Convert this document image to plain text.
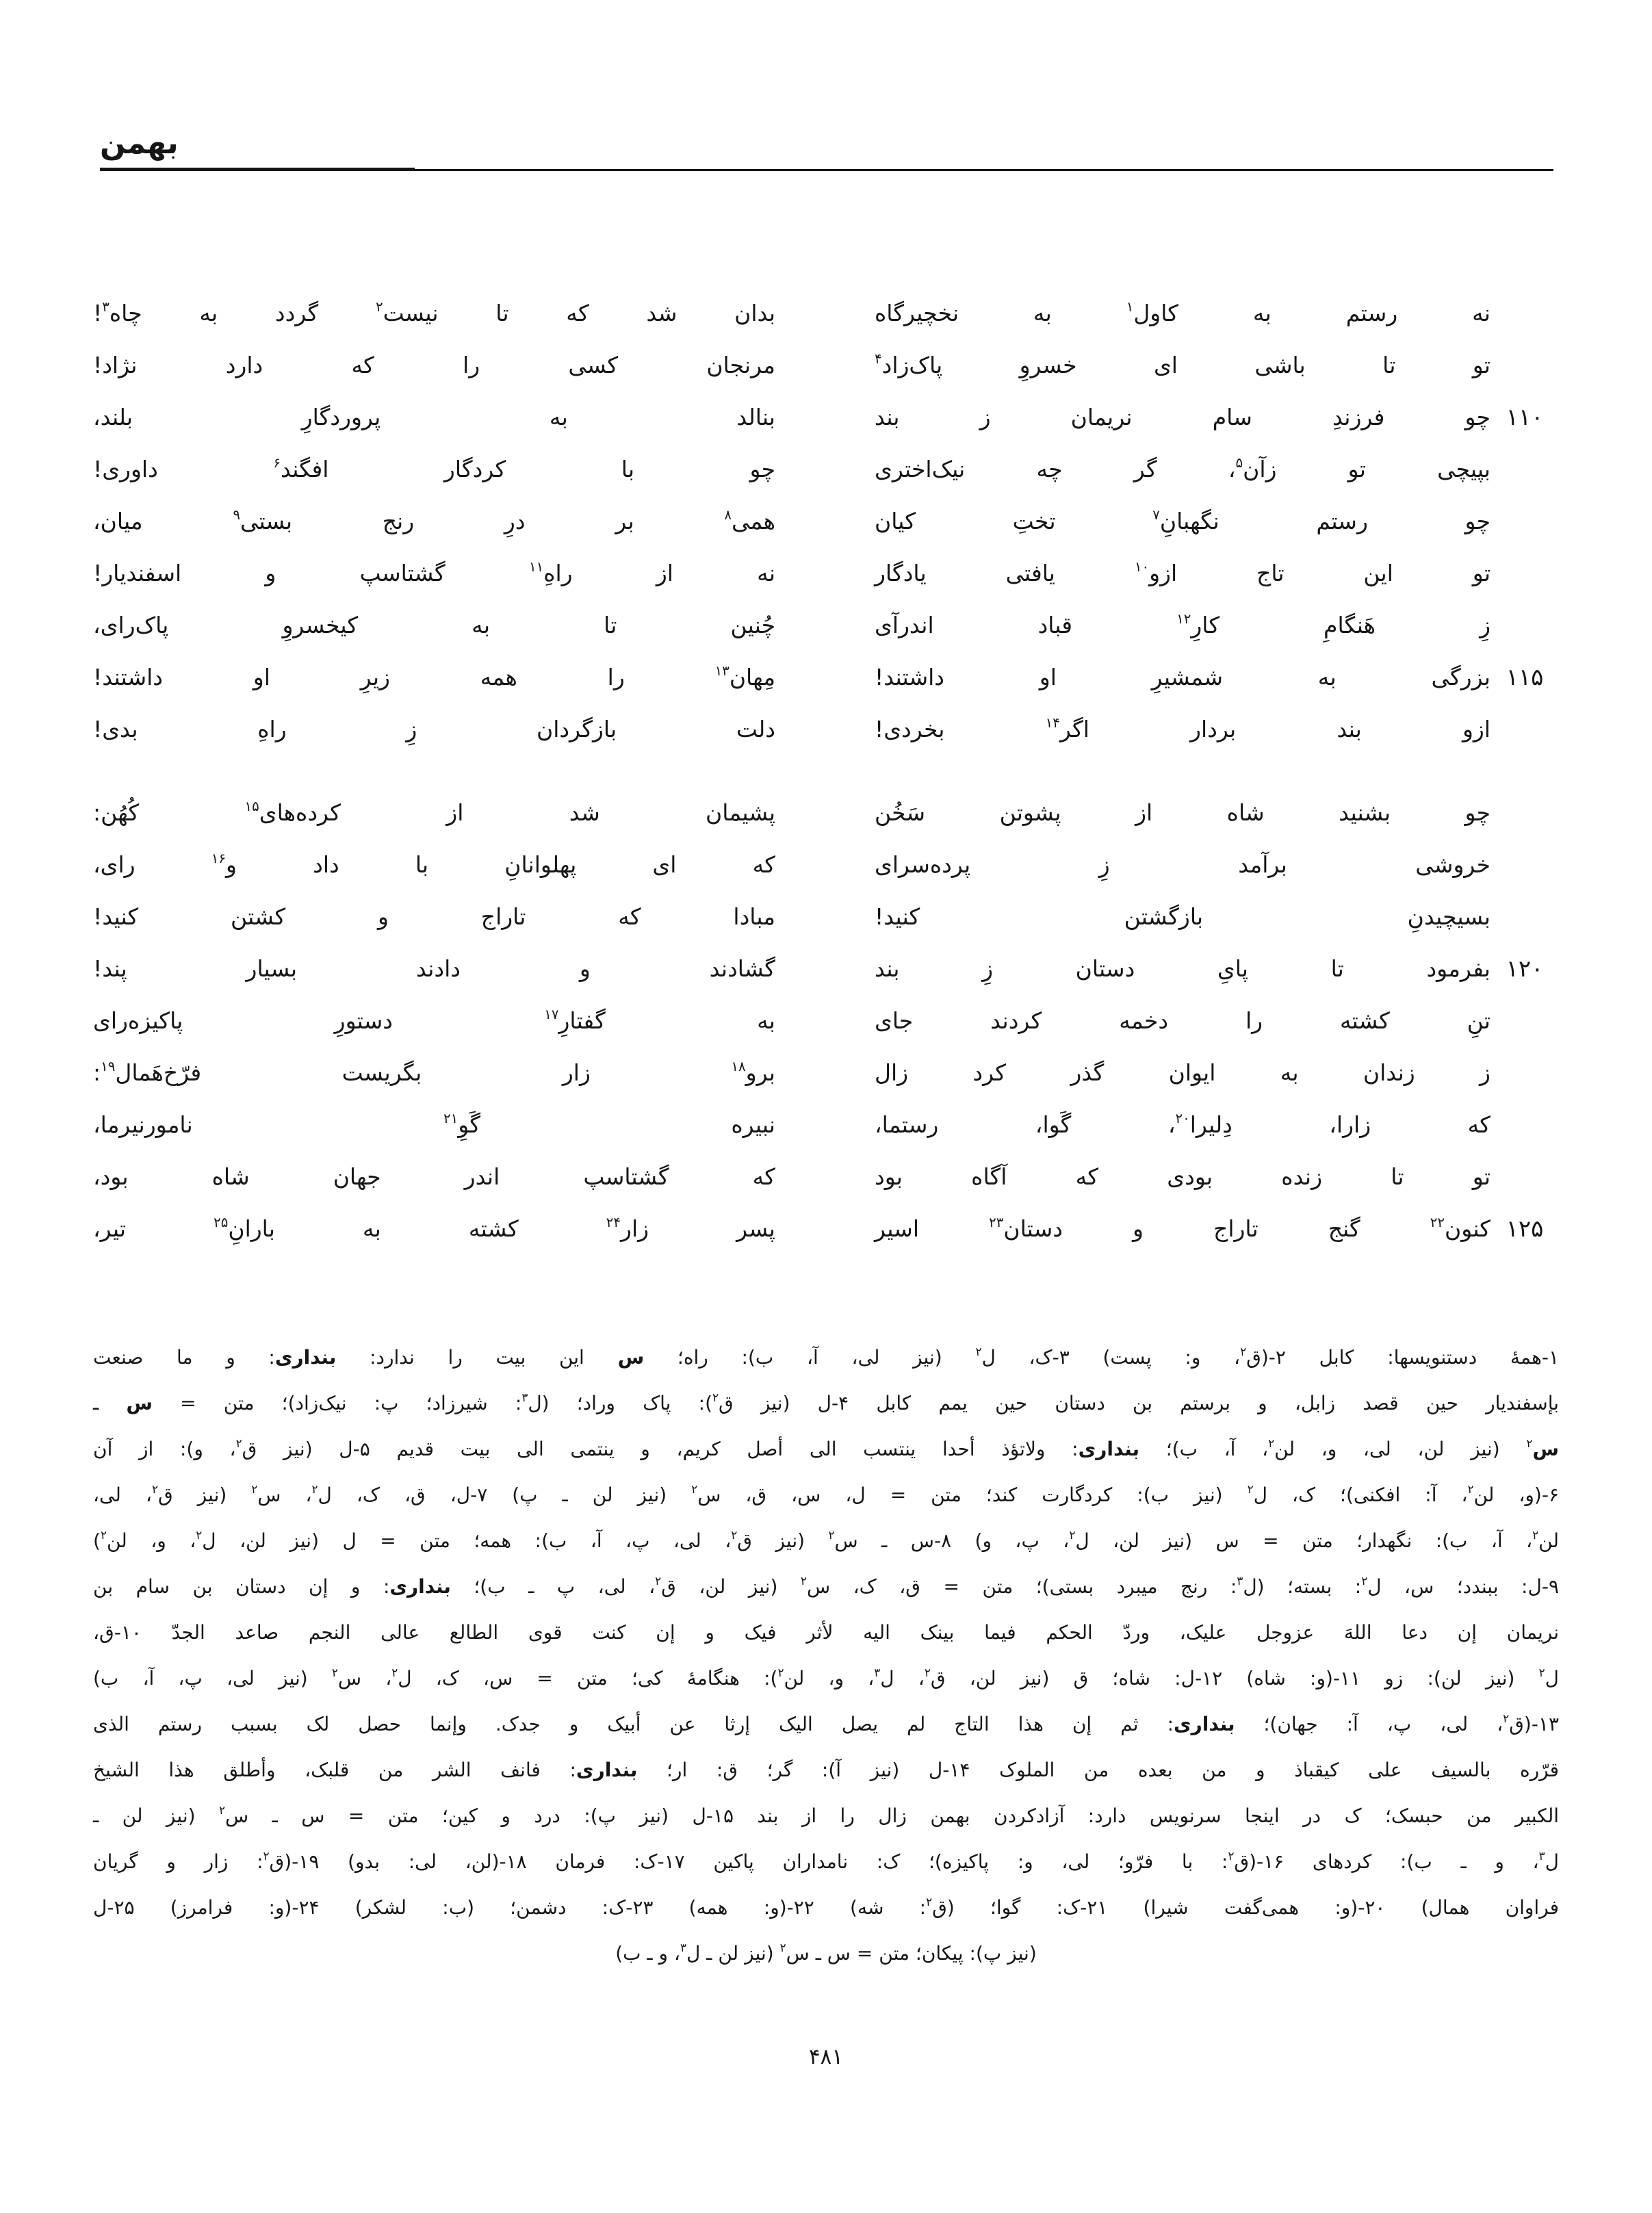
بهمن
نه رستم به کاول$^۱$ به نخچیرگاه
بدان شد که تا نیست$^۲$ گردد به چاه$^۳$!
تو تا باشی ای خسروِ پاک‌زاد$^۴$
مرنجان کسی را که دارد نژاد!
۱۱۰
چو فرزندِ سام نریمان ز بند
بنالد به پروردگارِ بلند،
بپیچی تو زآن$^۵$، گر چه نیک‌اختری
چو با کردگار افگند$^۶$ داوری!
چو رستم نگهبانِ$^۷$ تختِ کیان
همی$^۸$ بر درِ رنج بستی$^۹$ میان،
تو این تاج ازو$^{۱۰}$ یافتی یادگار
نه از راهِ$^{۱۱}$ گشتاسپ و اسفندیار!
زِ هَنگامِ کارِ$^{۱۲}$ قباد اندرآی
چُنین تا به کیخسروِ پاک‌رای،
۱۱۵
بزرگی به شمشیرِ او داشتند!
مِهان$^{۱۳}$ را همه زیرِ او داشتند!
ازو بند بردار اگر$^{۱۴}$ بخردی!
دلت بازگردان زِ راهِ بدی!
چو بشنید شاه از پشوتن سَخُن
پشیمان شد از کرده‌های$^{۱۵}$ کُهُن:
خروشی برآمد زِ پرده‌سرای
که ای پهلوانانِ با داد و$^{۱۶}$ رای،
بسیچیدنِ بازگشتن کنید!
مبادا که تاراج و کشتن کنید!
۱۲۰
بفرمود تا پایِ دستان زِ بند
گشادند و دادند بسیار پند!
تنِ کشته را دخمه کردند جای
به گفتارِ$^{۱۷}$ دستورِ پاکیزه‌رای
ز زندان به ایوان گذر کرد زال
برو$^{۱۸}$ زار بگریست فرّخ‌هَمال$^{۱۹}$:
که زارا، دِلیرا$^{۲۰}$، گَوا، رستما،
نبیره گَوِ$^{۲۱}$ نامورنیرما،
تو تا زنده بودی که آگاه بود
که گشتاسپ اندر جهان شاه بود،
۱۲۵
کنون$^{۲۲}$ گنج تاراج و دستان$^{۲۳}$ اسیر
پسر زار$^{۲۴}$ کشته به بارانِ$^{۲۵}$ تیر،
۱-همهٔ دستنویسها: کابل ۲-(ق$^۲$، و: پست) ۳-ک، ل$^۲$ (نیز لی، آ، ب): راه؛ س این بیت را ندارد: بنداری: و ما صنعت
بإسفندیار حین قصد زابل، و برستم بن دستان حین یمم کابل ۴-ل (نیز ق$^۲$): پاک وراد؛ (ل$^۳$: شیرزاد؛ پ: نیک‌زاد)؛ متن = س ـ
س$^۲$ (نیز لن، لی، و، لن$^۲$، آ، ب)؛ بنداری: ولاتؤذ أحدا ینتسب الی أصل کریم، و ینتمی الی بیت قدیم ۵-ل (نیز ق$^۲$، و): از آن
۶-(و، لن$^۲$، آ: افکنی)؛ ک، ل$^۲$ (نیز ب): کردگارت کند؛ متن = ل، س، ق، س$^۲$ (نیز لن ـ پ) ۷-ل، ق، ک، ل$^۲$، س$^۲$ (نیز ق$^۲$، لی،
لن$^۲$، آ، ب): نگهدار؛ متن = س (نیز لن، ل$^۲$، پ، و) ۸-س ـ س$^۲$ (نیز ق$^۲$، لی، پ، آ، ب): همه؛ متن = ل (نیز لن، ل$^۲$، و، لن$^۲$)
۹-ل: ببندد؛ س، ل$^۲$: بسته؛ (ل$^۳$: رنج میبرد بستی)؛ متن = ق، ک، س$^۲$ (نیز لن، ق$^۲$، لی، پ ـ ب)؛ بنداری: و إن دستان بن سام بن
نریمان إن دعا اللهَ عزوجل علیک، وردّ الحکم فیما بینک الیه لأثر فیک و إن کنت قوی الطالع عالی النجم صاعد الجدّ ۱۰-ق،
ل$^۲$ (نیز لن): زو ۱۱-(و: شاه) ۱۲-ل: شاه؛ ق (نیز لن، ق$^۲$، ل$^۳$، و، لن$^۲$): هنگامهٔ کی؛ متن = س، ک، ل$^۲$، س$^۲$ (نیز لی، پ، آ، ب)
۱۳-(ق$^۲$، لی، پ، آ: جهان)؛ بنداری: ثم إن هذا التاج لم یصل الیک إرثا عن أبیک و جدک. وإنما حصل لک بسبب رستم الذی
قرّره بالسیف علی کیقباذ و من بعده من الملوک ۱۴-ل (نیز آ): گر؛ ق: ار؛ بنداری: فانف الشر من قلبک، وأطلق هذا الشیخ
الکبیر من حبسک؛ ک در اینجا سرنویس دارد: آزادکردن بهمن زال را از بند ۱۵-ل (نیز پ): درد و کین؛ متن = س ـ س$^۲$ (نیز لن ـ
ل$^۳$، و ـ ب): کردهای ۱۶-(ق$^۲$: با فرّو؛ لی، و: پاکیزه)؛ ک: نامداران پاکین ۱۷-ک: فرمان ۱۸-(لن، لی: بدو) ۱۹-(ق$^۲$: زار و گریان
فراوان همال) ۲۰-(و: همی‌گفت شیرا) ۲۱-ک: گوا؛ (ق$^۲$: شه) ۲۲-(و: همه) ۲۳-ک: دشمن؛ (ب: لشکر) ۲۴-(و: فرامرز) ۲۵-ل
(نیز پ): پیکان؛ متن = س ـ س$^۲$ (نیز لن ـ ل$^۳$، و ـ ب)
۴۸۱
